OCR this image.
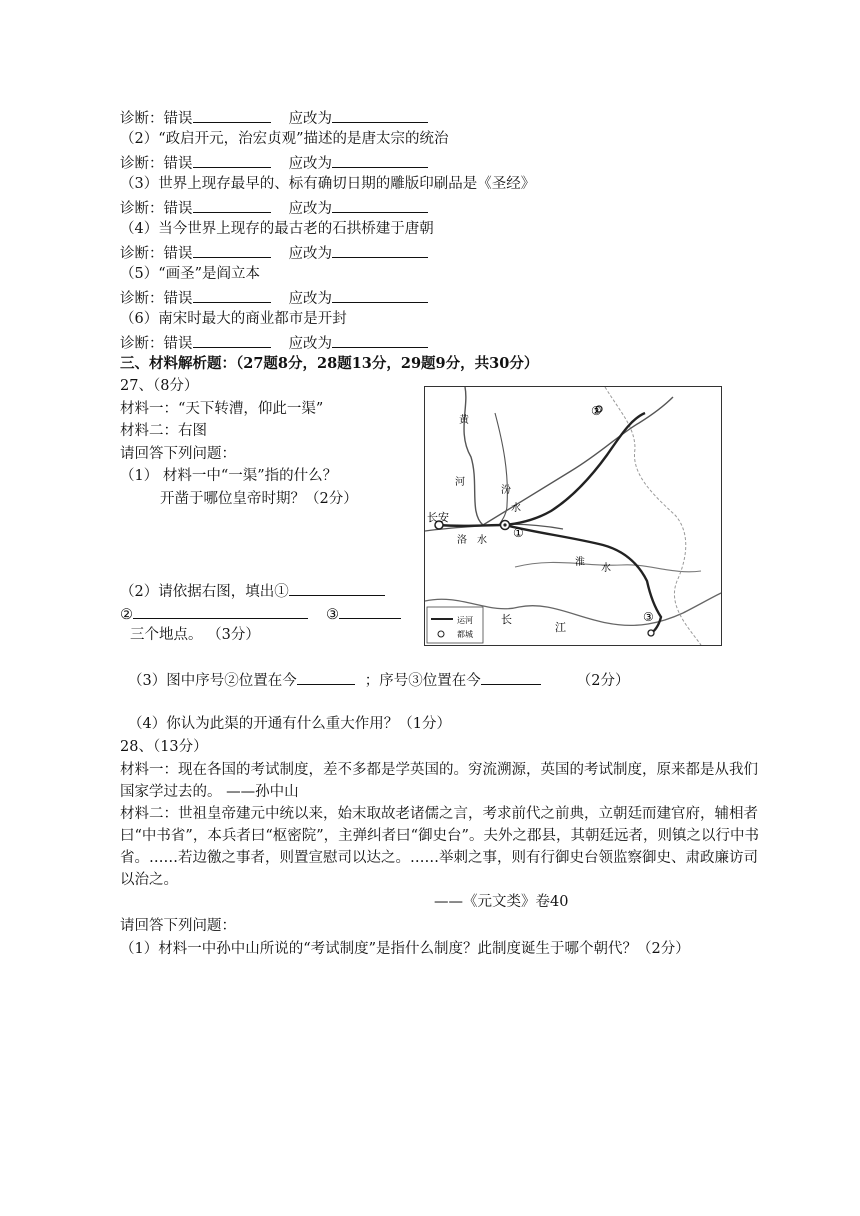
诊断：错误	应改为
（2）“政启开元，治宏贞观”描述的是唐太宗的统治
诊断：错误	应改为
（3）世界上现存最早的、标有确切日期的雕版印刷品是《圣经》
诊断：错误	应改为
（4）当今世界上现存的最古老的石拱桥建于唐朝
诊断：错误	应改为
（5）“画圣”是阎立本
诊断：错误	应改为
（6）南宋时最大的商业都市是开封
诊断：错误	应改为
三、材料解析题：（27题8分，28题13分，29题9分，共30分）
27、（8分）
材料一：“天下转漕，仰此一渠”
材料二：右图
请回答下列问题：
（1） 材料一中“一渠”指的什么？
开凿于哪位皇帝时期？（2分）
（2）请依据右图，填出①
②	③
三个地点。 （3分）
（3）图中序号②位置在今	；序号③位置在今	（2分）
（4）你认为此渠的开通有什么重大作用？（1分）
长安
黄
河
汾
水
洛 水
淮
水
长
江
①
②
③
运河
都城
28、（13分）
材料一：现在各国的考试制度，差不多都是学英国的。穷流溯源，英国的考试制度，原来都是从我们国家学过去的。 ——孙中山
材料二：世祖皇帝建元中统以来，始末取故老诸儒之言，考求前代之前典，立朝廷而建官府，辅相者曰“中书省”，本兵者曰“枢密院”，主弹纠者曰“御史台”。夫外之郡县，其朝廷远者，则镇之以行中书省。……若边徼之事者，则置宣慰司以达之。……举刺之事，则有行御史台领监察御史、肃政廉访司以治之。
——《元文类》卷40
请回答下列问题：
（1）材料一中孙中山所说的“考试制度”是指什么制度？此制度诞生于哪个朝代？（2分）
